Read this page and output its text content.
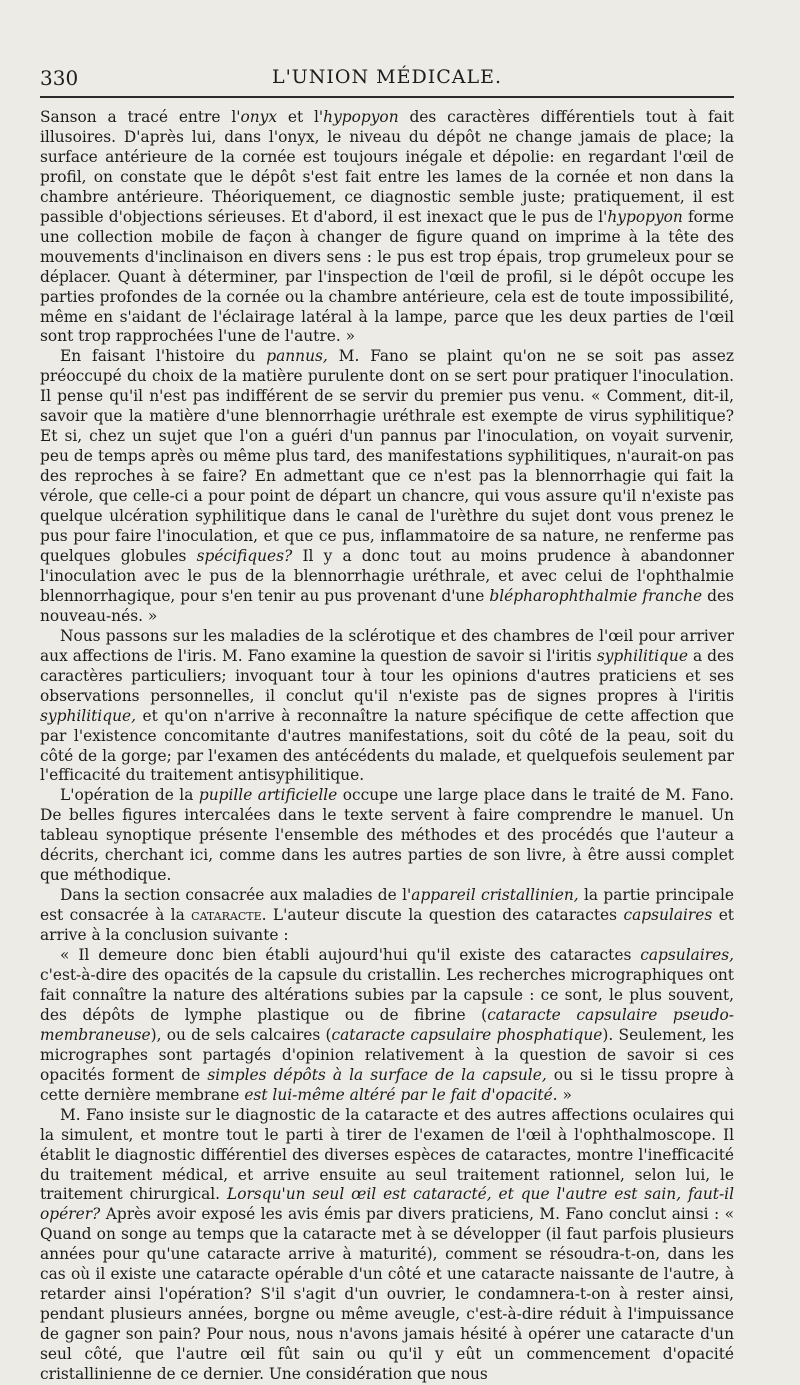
330	L'UNION MÉDICALE.

Sanson a tracé entre l'onyx et l'hypopyon des caractères différentiels tout à fait illusoires. D'après lui, dans l'onyx, le niveau du dépôt ne change jamais de place; la surface antérieure de la cornée est toujours inégale et dépolie: en regardant l'œil de profil, on constate que le dépôt s'est fait entre les lames de la cornée et non dans la chambre antérieure. Théoriquement, ce diagnostic semble juste; pratiquement, il est passible d'objections sérieuses. Et d'abord, il est inexact que le pus de l'hypopyon forme une collection mobile de façon à changer de figure quand on imprime à la tête des mouvements d'inclinaison en divers sens : le pus est trop épais, trop grumeleux pour se déplacer. Quant à déterminer, par l'inspection de l'œil de profil, si le dépôt occupe les parties profondes de la cornée ou la chambre antérieure, cela est de toute impossibilité, même en s'aidant de l'éclairage latéral à la lampe, parce que les deux parties de l'œil sont trop rapprochées l'une de l'autre. »

En faisant l'histoire du pannus, M. Fano se plaint qu'on ne se soit pas assez préoccupé du choix de la matière purulente dont on se sert pour pratiquer l'inoculation. Il pense qu'il n'est pas indifférent de se servir du premier pus venu. « Comment, dit-il, savoir que la matière d'une blennorrhagie uréthrale est exempte de virus syphilitique? Et si, chez un sujet que l'on a guéri d'un pannus par l'inoculation, on voyait survenir, peu de temps après ou même plus tard, des manifestations syphilitiques, n'aurait-on pas des reproches à se faire? En admettant que ce n'est pas la blennorrhagie qui fait la vérole, que celle-ci a pour point de départ un chancre, qui vous assure qu'il n'existe pas quelque ulcération syphilitique dans le canal de l'urèthre du sujet dont vous prenez le pus pour faire l'inoculation, et que ce pus, inflammatoire de sa nature, ne renferme pas quelques globules spécifiques? Il y a donc tout au moins prudence à abandonner l'inoculation avec le pus de la blennorrhagie uréthrale, et avec celui de l'ophthalmie blennorrhagique, pour s'en tenir au pus provenant d'une blépharophthalmie franche des nouveau-nés. »

Nous passons sur les maladies de la sclérotique et des chambres de l'œil pour arriver aux affections de l'iris. M. Fano examine la question de savoir si l'iritis syphilitique a des caractères particuliers; invoquant tour à tour les opinions d'autres praticiens et ses observations personnelles, il conclut qu'il n'existe pas de signes propres à l'iritis syphilitique, et qu'on n'arrive à reconnaître la nature spécifique de cette affection que par l'existence concomitante d'autres manifestations, soit du côté de la peau, soit du côté de la gorge; par l'examen des antécédents du malade, et quelquefois seulement par l'efficacité du traitement antisyphilitique.

L'opération de la pupille artificielle occupe une large place dans le traité de M. Fano. De belles figures intercalées dans le texte servent à faire comprendre le manuel. Un tableau synoptique présente l'ensemble des méthodes et des procédés que l'auteur a décrits, cherchant ici, comme dans les autres parties de son livre, à être aussi complet que méthodique.

Dans la section consacrée aux maladies de l'appareil cristallinien, la partie principale est consacrée à la cataracte. L'auteur discute la question des cataractes capsulaires et arrive à la conclusion suivante :

« Il demeure donc bien établi aujourd'hui qu'il existe des cataractes capsulaires, c'est-à-dire des opacités de la capsule du cristallin. Les recherches micrographiques ont fait connaître la nature des altérations subies par la capsule : ce sont, le plus souvent, des dépôts de lymphe plastique ou de fibrine (cataracte capsulaire pseudo-membraneuse), ou de sels calcaires (cataracte capsulaire phosphatique). Seulement, les micrographes sont partagés d'opinion relativement à la question de savoir si ces opacités forment de simples dépôts à la surface de la capsule, ou si le tissu propre à cette dernière membrane est lui-même altéré par le fait d'opacité. »

M. Fano insiste sur le diagnostic de la cataracte et des autres affections oculaires qui la simulent, et montre tout le parti à tirer de l'examen de l'œil à l'ophthalmoscope. Il établit le diagnostic différentiel des diverses espèces de cataractes, montre l'inefficacité du traitement médical, et arrive ensuite au seul traitement rationnel, selon lui, le traitement chirurgical. Lorsqu'un seul œil est cataracté, et que l'autre est sain, faut-il opérer? Après avoir exposé les avis émis par divers praticiens, M. Fano conclut ainsi : « Quand on songe au temps que la cataracte met à se développer (il faut parfois plusieurs années pour qu'une cataracte arrive à maturité), comment se résoudra-t-on, dans les cas où il existe une cataracte opérable d'un côté et une cataracte naissante de l'autre, à retarder ainsi l'opération? S'il s'agit d'un ouvrier, le condamnera-t-on à rester ainsi, pendant plusieurs années, borgne ou même aveugle, c'est-à-dire réduit à l'impuissance de gagner son pain? Pour nous, nous n'avons jamais hésité à opérer une cataracte d'un seul côté, que l'autre œil fût sain ou qu'il y eût un commencement d'opacité cristallinienne de ce dernier. Une considération que nous
